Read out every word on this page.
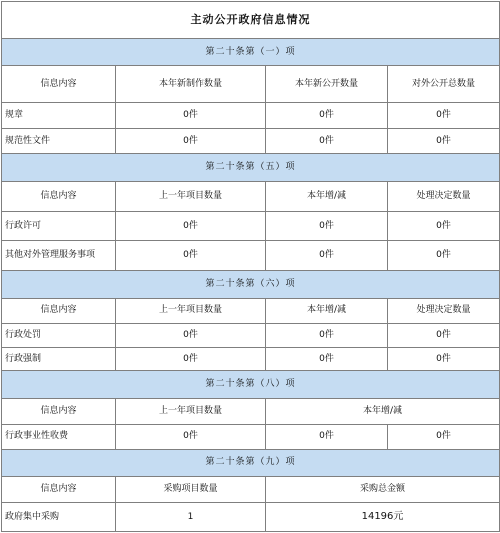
主动公开政府信息情况			
第二十条第（一）项			
信息内容	本年新制作数量	本年新公开数量	对外公开总数量
规章	0件	0件	0件
规范性文件	0件	0件	0件
第二十条第（五）项			
信息内容	上一年项目数量	本年增/减	处理决定数量
行政许可	0件	0件	0件
其他对外管理服务事项	0件	0件	0件
第二十条第（六）项			
信息内容	上一年项目数量	本年增/减	处理决定数量
行政处罚	0件	0件	0件
行政强制	0件	0件	0件
第二十条第（八）项			
信息内容	上一年项目数量	本年增/减	
行政事业性收费	0件	0件	0件
第二十条第（九）项			
信息内容	采购项目数量	采购总金额	
政府集中采购	1	14196元	
